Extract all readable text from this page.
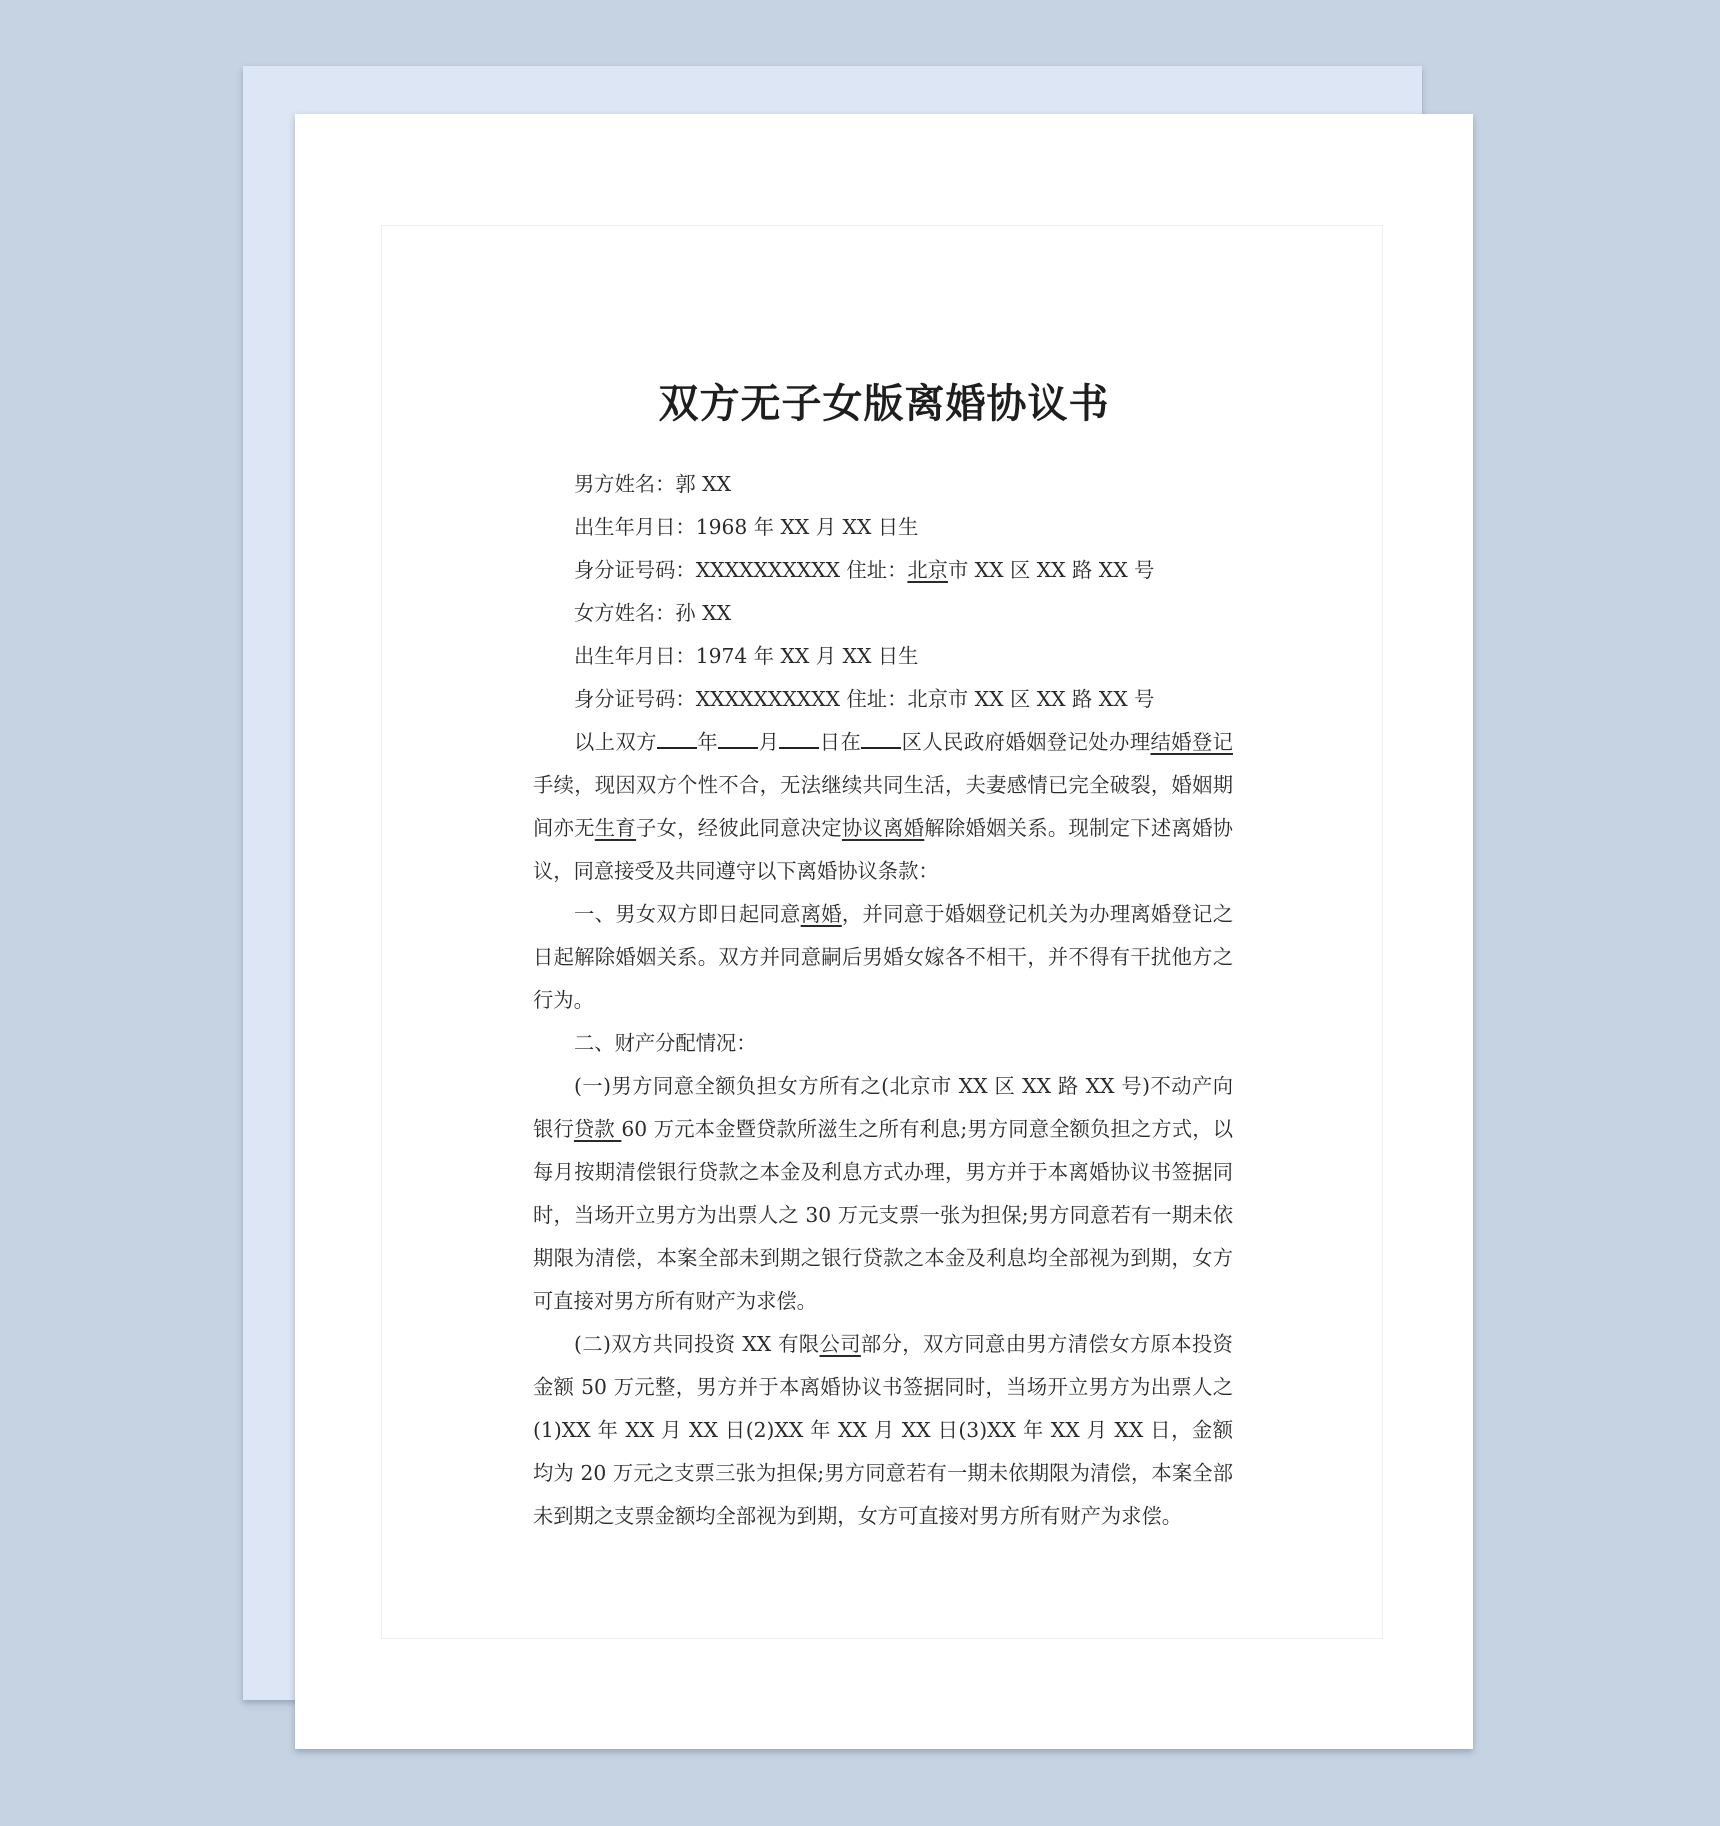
双方无子女版离婚协议书

男方姓名：郭 XX

出生年月日：1968 年 XX 月 XX 日生

身分证号码：XXXXXXXXXX 住址：北京市 XX 区 XX 路 XX 号

女方姓名：孙 XX

出生年月日：1974 年 XX 月 XX 日生

身分证号码：XXXXXXXXXX 住址：北京市 XX 区 XX 路 XX 号

以上双方 年 月 日在 区人民政府婚姻登记处办理结婚登记手续，现因双方个性不合，无法继续共同生活，夫妻感情已完全破裂，婚姻期间亦无生育子女，经彼此同意决定协议离婚解除婚姻关系。现制定下述离婚协议，同意接受及共同遵守以下离婚协议条款：

一、男女双方即日起同意离婚，并同意于婚姻登记机关为办理离婚登记之日起解除婚姻关系。双方并同意嗣后男婚女嫁各不相干，并不得有干扰他方之行为。

二、财产分配情况：

(一)男方同意全额负担女方所有之(北京市 XX 区 XX 路 XX 号)不动产向银行贷款 60 万元本金暨贷款所滋生之所有利息;男方同意全额负担之方式，以每月按期清偿银行贷款之本金及利息方式办理，男方并于本离婚协议书签据同时，当场开立男方为出票人之 30 万元支票一张为担保;男方同意若有一期未依期限为清偿，本案全部未到期之银行贷款之本金及利息均全部视为到期，女方可直接对男方所有财产为求偿。

(二)双方共同投资 XX 有限公司部分，双方同意由男方清偿女方原本投资金额 50 万元整，男方并于本离婚协议书签据同时，当场开立男方为出票人之(1)XX 年 XX 月 XX 日(2)XX 年 XX 月 XX 日(3)XX 年 XX 月 XX 日，金额均为 20 万元之支票三张为担保;男方同意若有一期未依期限为清偿，本案全部未到期之支票金额均全部视为到期，女方可直接对男方所有财产为求偿。
